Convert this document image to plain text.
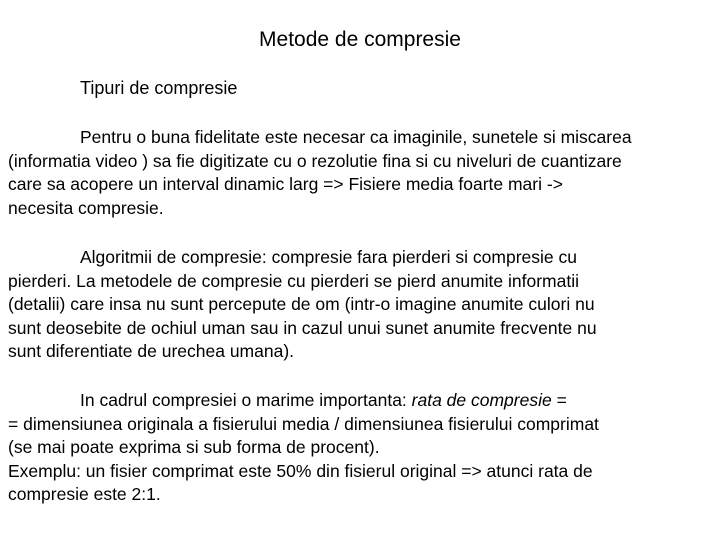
Metode de compresie
Tipuri de compresie
Pentru o buna fidelitate este necesar ca imaginile, sunetele si miscarea
(informatia video ) sa fie digitizate cu o rezolutie fina si cu niveluri de cuantizare
care sa acopere un interval dinamic larg => Fisiere media foarte mari ->
necesita compresie.
Algoritmii de compresie: compresie fara pierderi si compresie cu
pierderi. La metodele de compresie cu pierderi se pierd anumite informatii
(detalii) care insa nu sunt percepute de om (intr-o imagine anumite culori nu
sunt deosebite de ochiul uman sau in cazul unui sunet anumite frecvente nu
sunt diferentiate de urechea umana).
In cadrul compresiei o marime importanta: rata de compresie =
= dimensiunea originala a fisierului media / dimensiunea fisierului comprimat
(se mai poate exprima si sub forma de procent).
Exemplu: un fisier comprimat este 50% din fisierul original => atunci rata de
compresie este 2:1.
